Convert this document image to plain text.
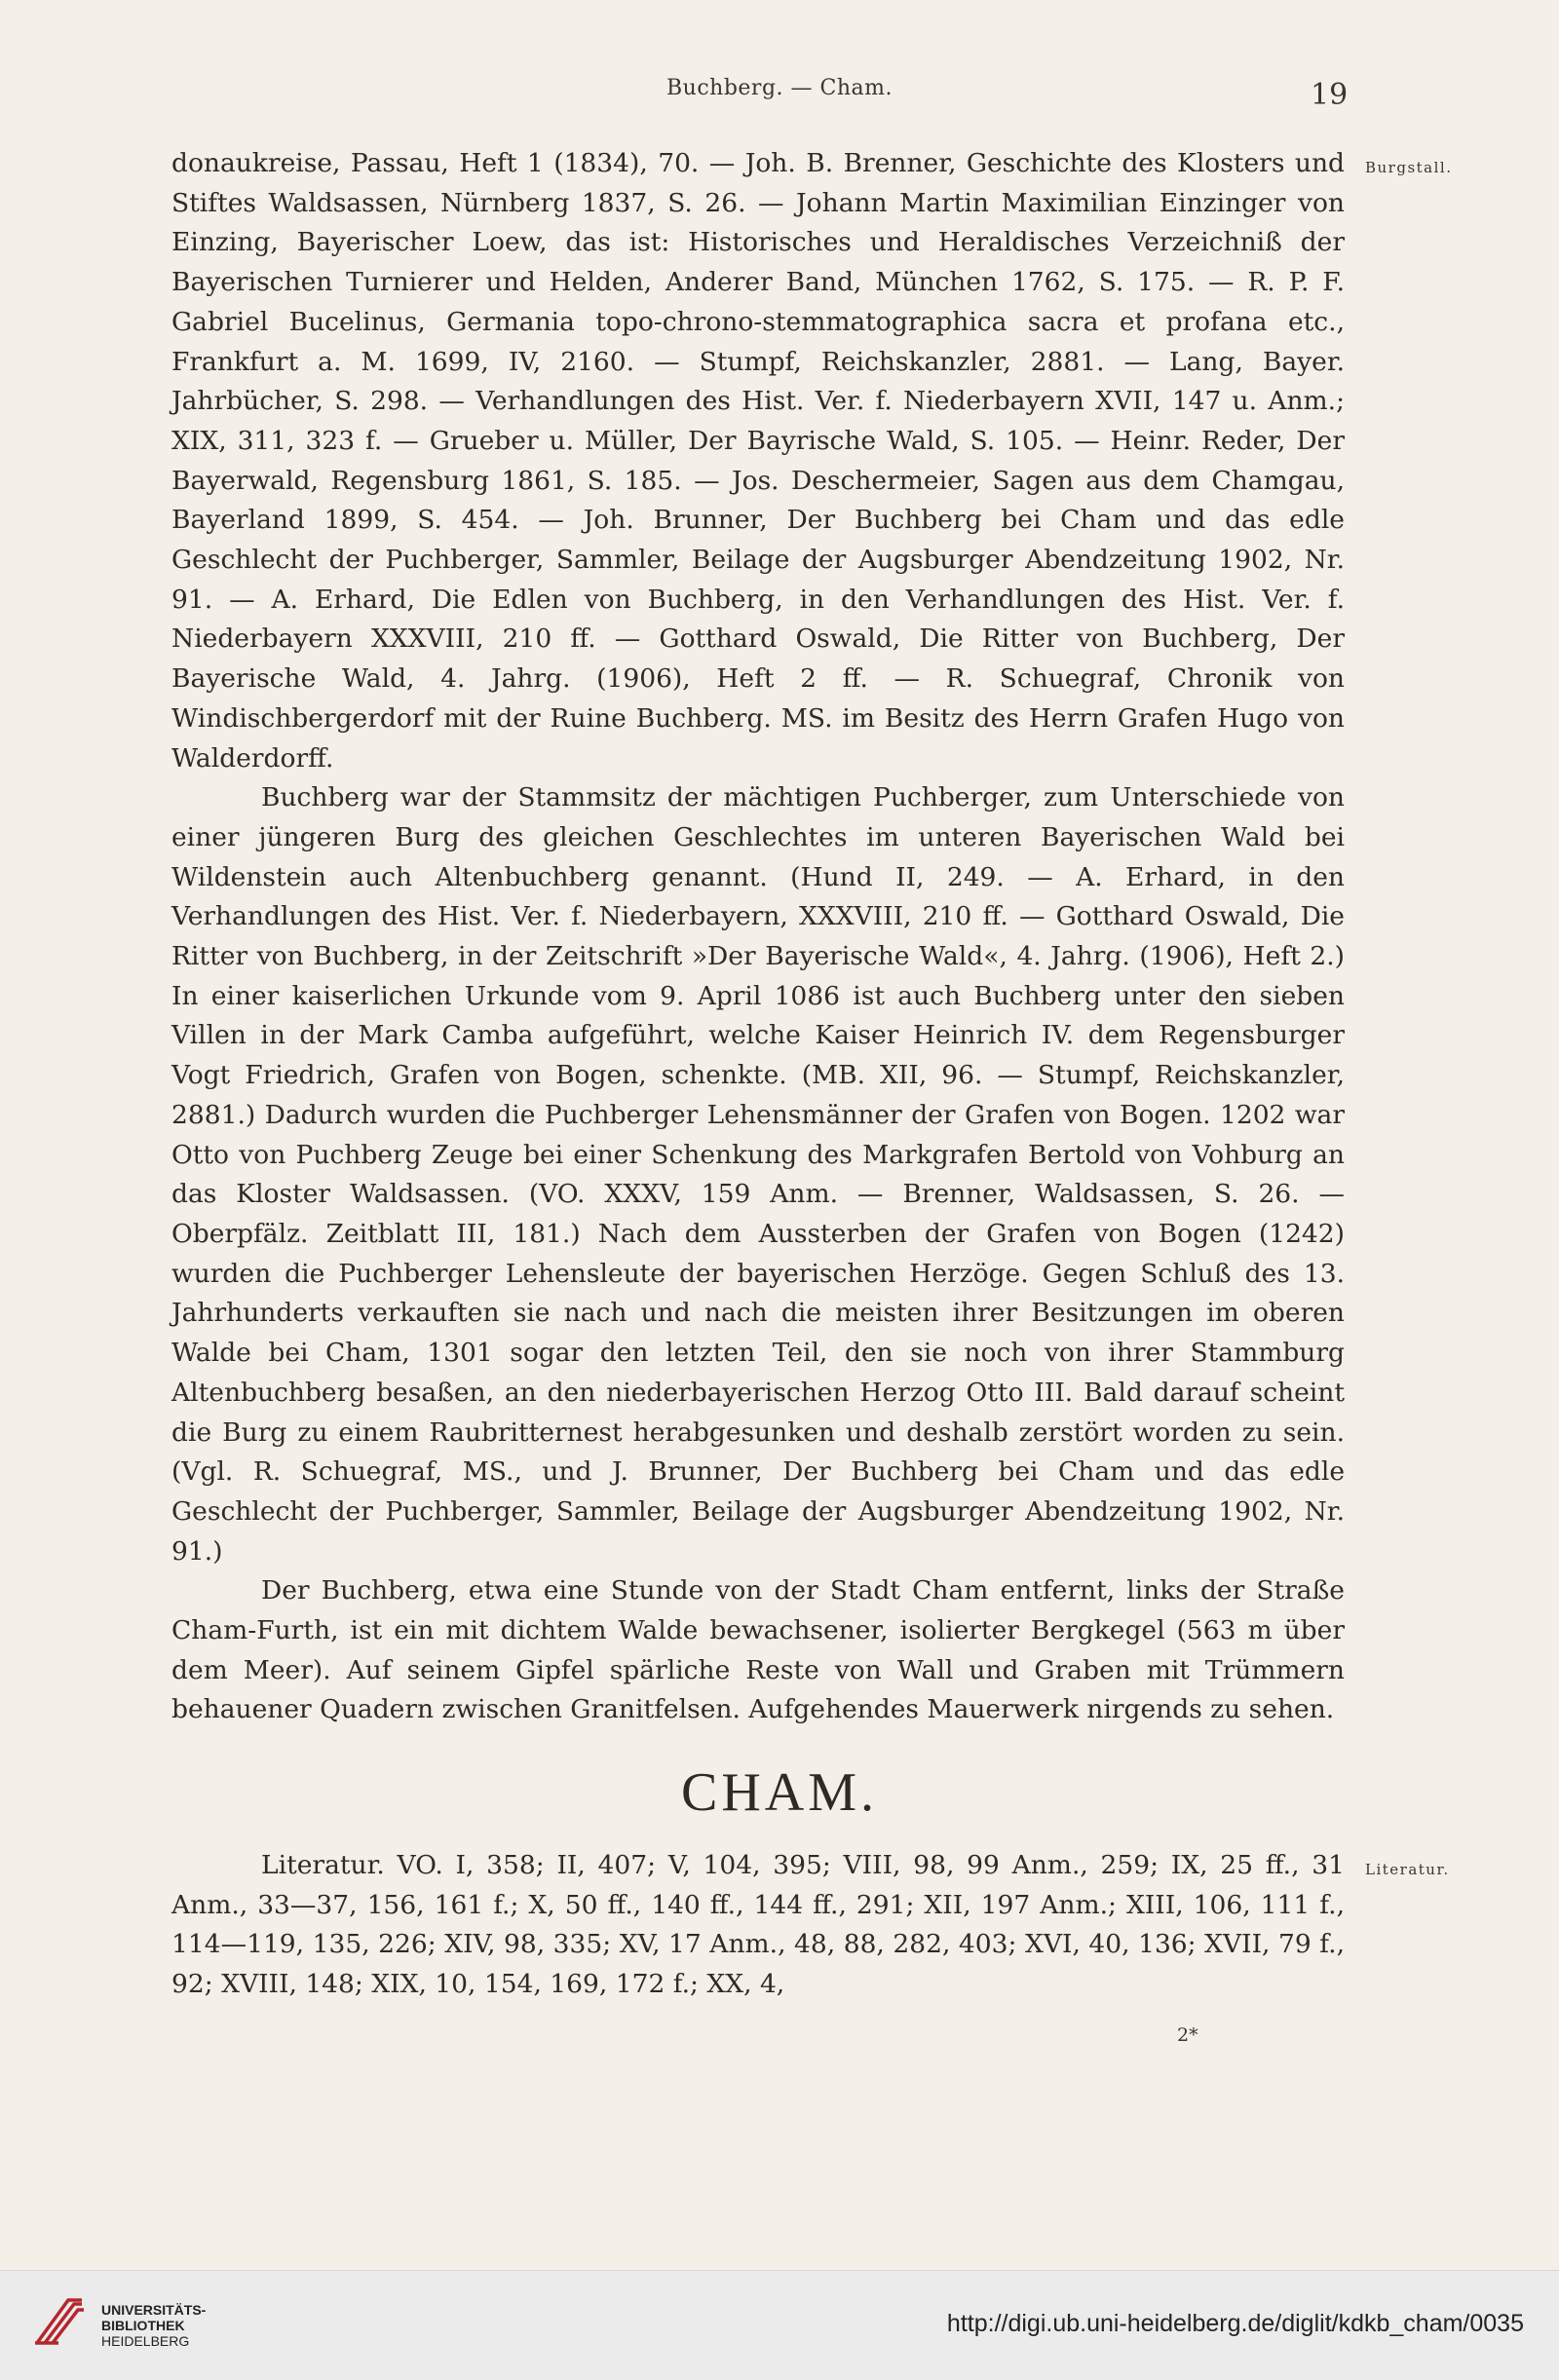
Buchberg. — Cham.	19
Burgstall.
Literatur.

donaukreise, Passau, Heft 1 (1834), 70. — Joh. B. Brenner, Geschichte des Klosters und Stiftes Waldsassen, Nürnberg 1837, S. 26. — Johann Martin Maximilian Einzinger von Einzing, Bayerischer Loew, das ist: Historisches und Heraldisches Verzeichniß der Bayerischen Turnierer und Helden, Anderer Band, München 1762, S. 175. — R. P. F. Gabriel Bucelinus, Germania topo-chrono-stemmatographica sacra et profana etc., Frankfurt a. M. 1699, IV, 2160. — Stumpf, Reichskanzler, 2881. — Lang, Bayer. Jahrbücher, S. 298. — Verhandlungen des Hist. Ver. f. Niederbayern XVII, 147 u. Anm.; XIX, 311, 323 f. — Grueber u. Müller, Der Bayrische Wald, S. 105. — Heinr. Reder, Der Bayerwald, Regensburg 1861, S. 185. — Jos. Deschermeier, Sagen aus dem Chamgau, Bayerland 1899, S. 454. — Joh. Brunner, Der Buchberg bei Cham und das edle Geschlecht der Puchberger, Sammler, Beilage der Augsburger Abendzeitung 1902, Nr. 91. — A. Erhard, Die Edlen von Buchberg, in den Verhandlungen des Hist. Ver. f. Niederbayern XXXVIII, 210 ff. — Gotthard Oswald, Die Ritter von Buchberg, Der Bayerische Wald, 4. Jahrg. (1906), Heft 2 ff. — R. Schuegraf, Chronik von Windischbergerdorf mit der Ruine Buchberg. MS. im Besitz des Herrn Grafen Hugo von Walderdorff.

Buchberg war der Stammsitz der mächtigen Puchberger, zum Unterschiede von einer jüngeren Burg des gleichen Geschlechtes im unteren Bayerischen Wald bei Wildenstein auch Altenbuchberg genannt. (Hund II, 249. — A. Erhard, in den Verhandlungen des Hist. Ver. f. Niederbayern, XXXVIII, 210 ff. — Gotthard Oswald, Die Ritter von Buchberg, in der Zeitschrift »Der Bayerische Wald«, 4. Jahrg. (1906), Heft 2.) In einer kaiserlichen Urkunde vom 9. April 1086 ist auch Buchberg unter den sieben Villen in der Mark Camba aufgeführt, welche Kaiser Heinrich IV. dem Regensburger Vogt Friedrich, Grafen von Bogen, schenkte. (MB. XII, 96. — Stumpf, Reichskanzler, 2881.) Dadurch wurden die Puchberger Lehensmänner der Grafen von Bogen. 1202 war Otto von Puchberg Zeuge bei einer Schenkung des Markgrafen Bertold von Vohburg an das Kloster Waldsassen. (VO. XXXV, 159 Anm. — Brenner, Waldsassen, S. 26. — Oberpfälz. Zeitblatt III, 181.) Nach dem Aussterben der Grafen von Bogen (1242) wurden die Puchberger Lehensleute der bayerischen Herzöge. Gegen Schluß des 13. Jahrhunderts verkauften sie nach und nach die meisten ihrer Besitzungen im oberen Walde bei Cham, 1301 sogar den letzten Teil, den sie noch von ihrer Stammburg Altenbuchberg besaßen, an den niederbayerischen Herzog Otto III. Bald darauf scheint die Burg zu einem Raubritternest herabgesunken und deshalb zerstört worden zu sein. (Vgl. R. Schuegraf, MS., und J. Brunner, Der Buchberg bei Cham und das edle Geschlecht der Puchberger, Sammler, Beilage der Augsburger Abendzeitung 1902, Nr. 91.)

Der Buchberg, etwa eine Stunde von der Stadt Cham entfernt, links der Straße Cham-Furth, ist ein mit dichtem Walde bewachsener, isolierter Bergkegel (563 m über dem Meer). Auf seinem Gipfel spärliche Reste von Wall und Graben mit Trümmern behauener Quadern zwischen Granitfelsen. Aufgehendes Mauerwerk nirgends zu sehen.

CHAM.

Literatur. VO. I, 358; II, 407; V, 104, 395; VIII, 98, 99 Anm., 259; IX, 25 ff., 31 Anm., 33—37, 156, 161 f.; X, 50 ff., 140 ff., 144 ff., 291; XII, 197 Anm.; XIII, 106, 111 f., 114—119, 135, 226; XIV, 98, 335; XV, 17 Anm., 48, 88, 282, 403; XVI, 40, 136; XVII, 79 f., 92; XVIII, 148; XIX, 10, 154, 169, 172 f.; XX, 4,

2*
UNIVERSITÄTS-
BIBLIOTHEK
HEIDELBERG
http://digi.ub.uni-heidelberg.de/diglit/kdkb_cham/0035
